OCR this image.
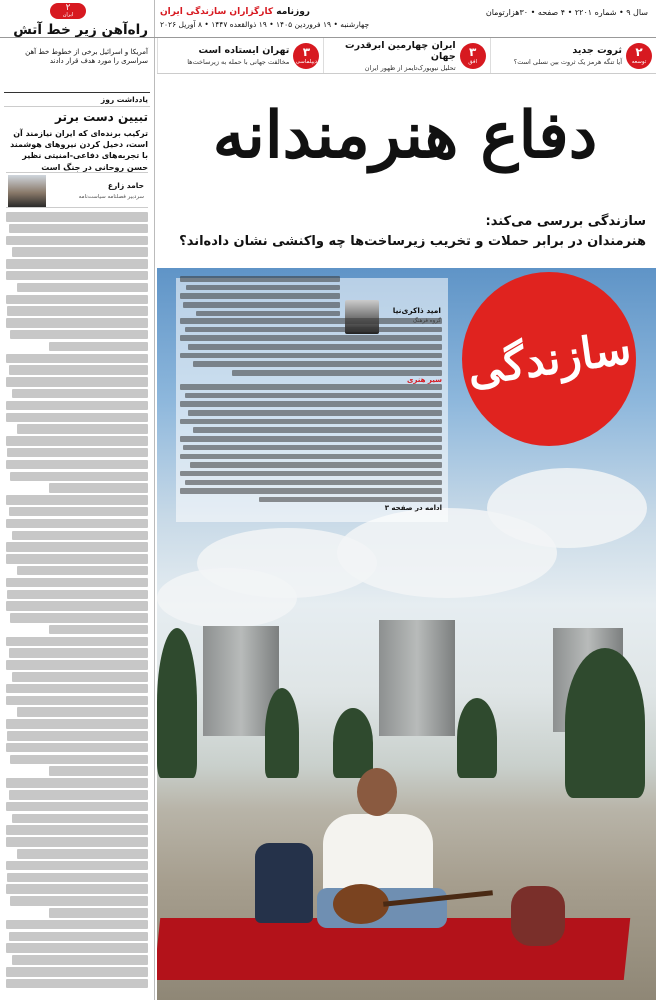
۲
ایران
راه‌آهن زیر خط آتش
آمریکا و اسرائیل برخی از خطوط خط آهن سراسری را مورد هدف قرار دادند
یادداشت روز
تبیین دست برتر
ترکیب برنده‌ای که ایران نیازمند آن است، دخیل کردن نیروهای هوشمند با تجربه‌های دفاعی-امنیتی نظیر حسن روحانی در جنگ است
حامد زارع
سردبیر فصلنامه سیاست‌نامه
سال ۹ • شماره ۲۲۰۱ • ۴ صفحه • ۳۰هزارتومان
روزنامه کارگزاران سازندگی ایران
چهارشنبه • ۱۹ فروردین ۱۴۰۵ • ۱۹ ذوالقعده ۱۴۴۷ • ۸ آوریل ۲۰۲۶
۲
توسعه
ثروت جدید
آیا تنگه هرمز یک ثروت بین نسلی است؟
۳
افق
ایران چهارمین ابرقدرت جهان
تحلیل نیویورک‌تایمز از ظهور ایران
۳
دیپلماسی
تهران ایستاده است
مخالفت جهانی با حمله به زیرساخت‌ها
دفاع هنرمندانه
سازندگی بررسی می‌کند:
هنرمندان در برابر حملات و تخریب زیرساخت‌ها چه واکنشی نشان داده‌اند؟
امید ذاکری‌نیا
سیر هنری
ادامه در صفحه ۳
سازندگی
